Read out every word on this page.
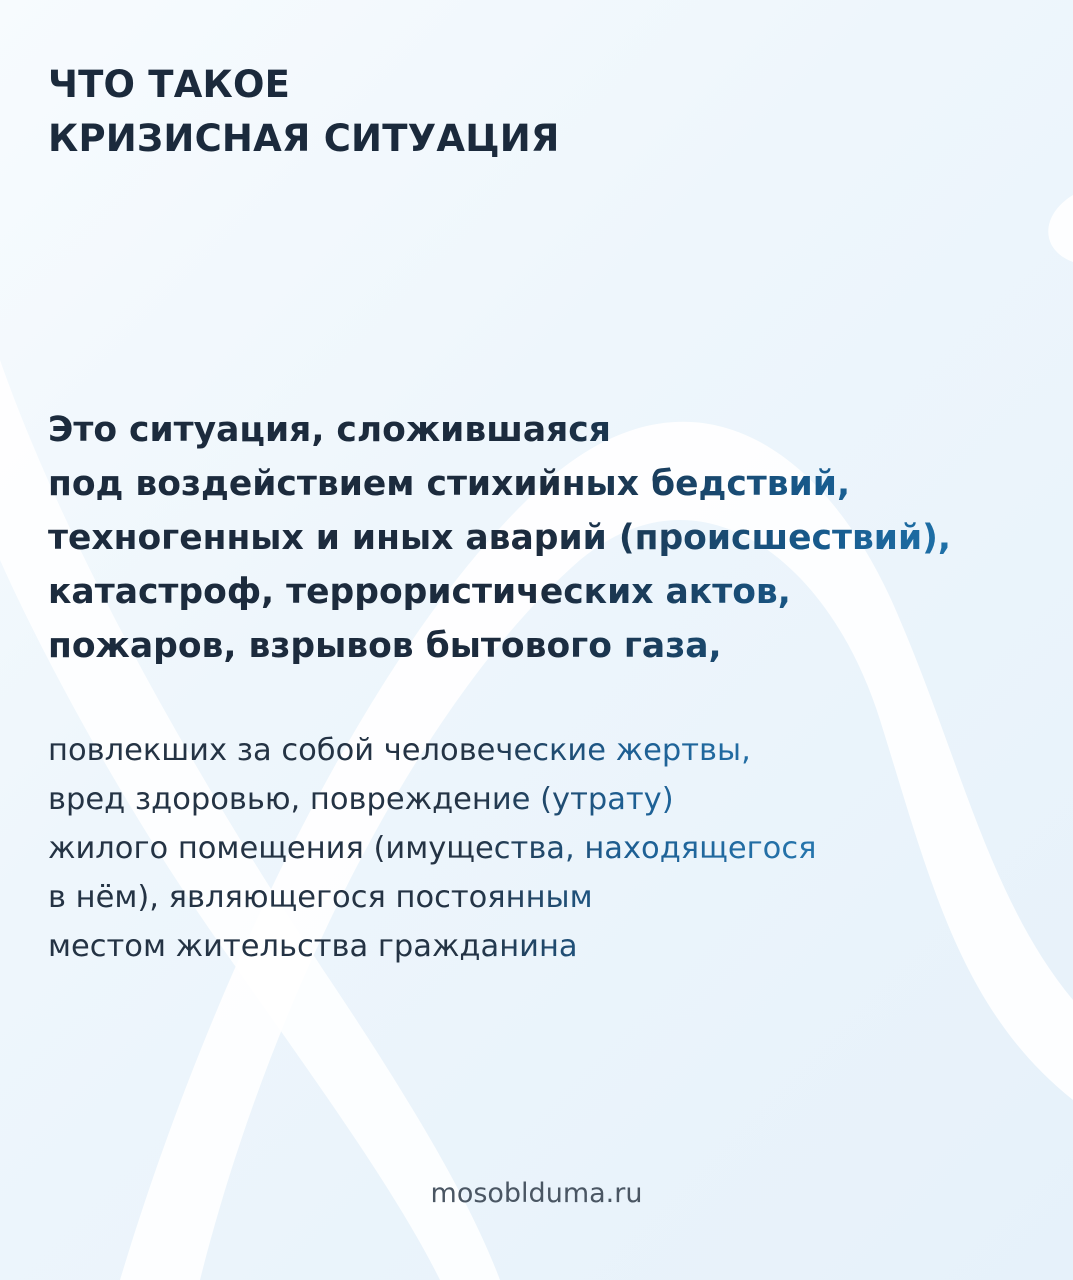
ЧТО ТАКОЕ
КРИЗИСНАЯ СИТУАЦИЯ

Это ситуация, сложившаяся
под воздействием стихийных бедствий,
техногенных и иных аварий (происшествий),
катастроф, террористических актов,
пожаров, взрывов бытового газа,

повлекших за собой человеческие жертвы,
вред здоровью, повреждение (утрату)
жилого помещения (имущества, находящегося
в нём), являющегося постоянным
местом жительства гражданина

mosobldumа.ru
